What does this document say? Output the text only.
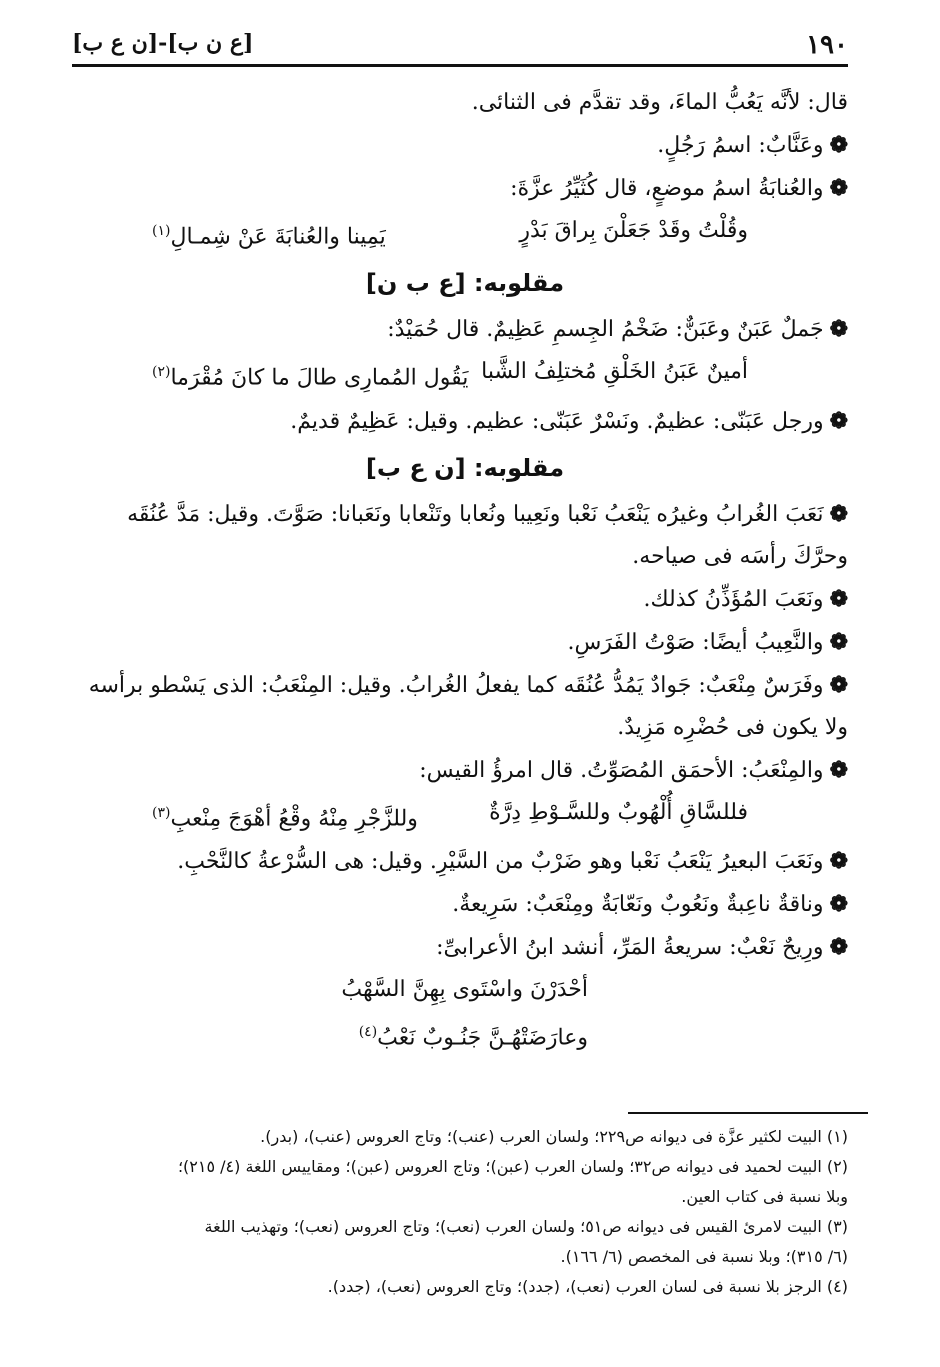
١٩٠
[ع ن ب]-[ن ع ب]

قال: لأنَّه يَعُبُّ الماءَ، وقد تقدَّم فى الثنائى.

❁وعَنَّابٌ: اسمُ رَجُلٍ.

❁والعُنابَةُ اسمُ موضعٍ، قال كُثَيِّرُ عزَّةَ:

وقُلْتُ وقَدْ جَعَلْنَ بِراقَ بَدْرٍ
يَمِينا والعُنابَةَ عَنْ شِمـالِ$^{(١)}$

مقلوبه: [ع ب ن]

❁جَملٌ عَبَنٌ وعَبَنٌّ: ضَخْمُ الجِسمِ عَظِيمٌ. قال حُمَيْدٌ:

أمينٌ عَبَنُ الخَلْقِ مُختلِفُ الشَّبا
يَقُول المُمارِى طالَ ما كانَ مُقْرَما$^{(٢)}$

❁ورجل عَبَنّى: عظيمٌ. ونَسْرٌ عَبَنّى: عظيم. وقيل: عَظِيمٌ قديمٌ.

مقلوبه: [ن ع ب]

❁نَعَبَ الغُرابُ وغيرُه يَنْعَبُ نَعْبا ونَعِيبا ونُعابا وتَنْعابا ونَعَبانا: صَوَّتَ. وقيل: مَدَّ عُنُقَه

وحرَّكَ رأسَه فى صياحه.

❁ونَعَبَ المُؤَذِّنُ كذلك.

❁والنَّعِيبُ أيضًا: صَوْتُ الفَرَسِ.

❁وفَرَسٌ مِنْعَبٌ: جَوادٌ يَمُدُّ عُنُقَه كما يفعلُ الغُرابُ. وقيل: المِنْعَبُ: الذى يَسْطو برأسه

ولا يكون فى حُضْرِه مَزِيدٌ.

❁والمِنْعَبُ: الأحمَق المُصَوِّتُ. قال امرؤُ القيس:

فللسَّاقِ أُلْهُوبٌ وللسَّـوْطِ دِرَّةٌ
وللزَّجْرِ مِنْهُ وقْعُ أهْوَجَ مِنْعبِ$^{(٣)}$

❁ونَعَبَ البعيرُ يَنْعَبُ نَعْبا وهو ضَرْبٌ من السَّيْرِ. وقيل: هى السُّرْعةُ كالنَّحْبِ.

❁وناقةٌ ناعِبةٌ ونَعُوبٌ ونَعّابَةٌ ومِنْعَبٌ: سَرِيعةٌ.

❁ورِيحٌ نَعْبٌ: سريعةُ المَرِّ، أنشد ابنُ الأعرابىِّ:

أحْدَرْنَ واسْتَوى بِهِنَّ السَّهْبُ

وعارَضَتْهُـنَّ جَنُـوبٌ نَعْبُ$^{(٤)}$

(١) البيت لكثير عزَّة فى ديوانه ص٢٢٩؛ ولسان العرب (عنب)؛ وتاج العروس (عنب)، (بدر).

(٢) البيت لحميد فى ديوانه ص٣٢؛ ولسان العرب (عبن)؛ وتاج العروس (عبن)؛ ومقاييس اللغة (٤/ ٢١٥)؛

وبلا نسبة فى كتاب العين.

(٣) البيت لامرئ القيس فى ديوانه ص٥١؛ ولسان العرب (نعب)؛ وتاج العروس (نعب)؛ وتهذيب اللغة

(٦/ ٣١٥)؛ وبلا نسبة فى المخصص (٦/ ١٦٦).

(٤) الرجز بلا نسبة فى لسان العرب (نعب)، (جدد)؛ وتاج العروس (نعب)، (جدد).
